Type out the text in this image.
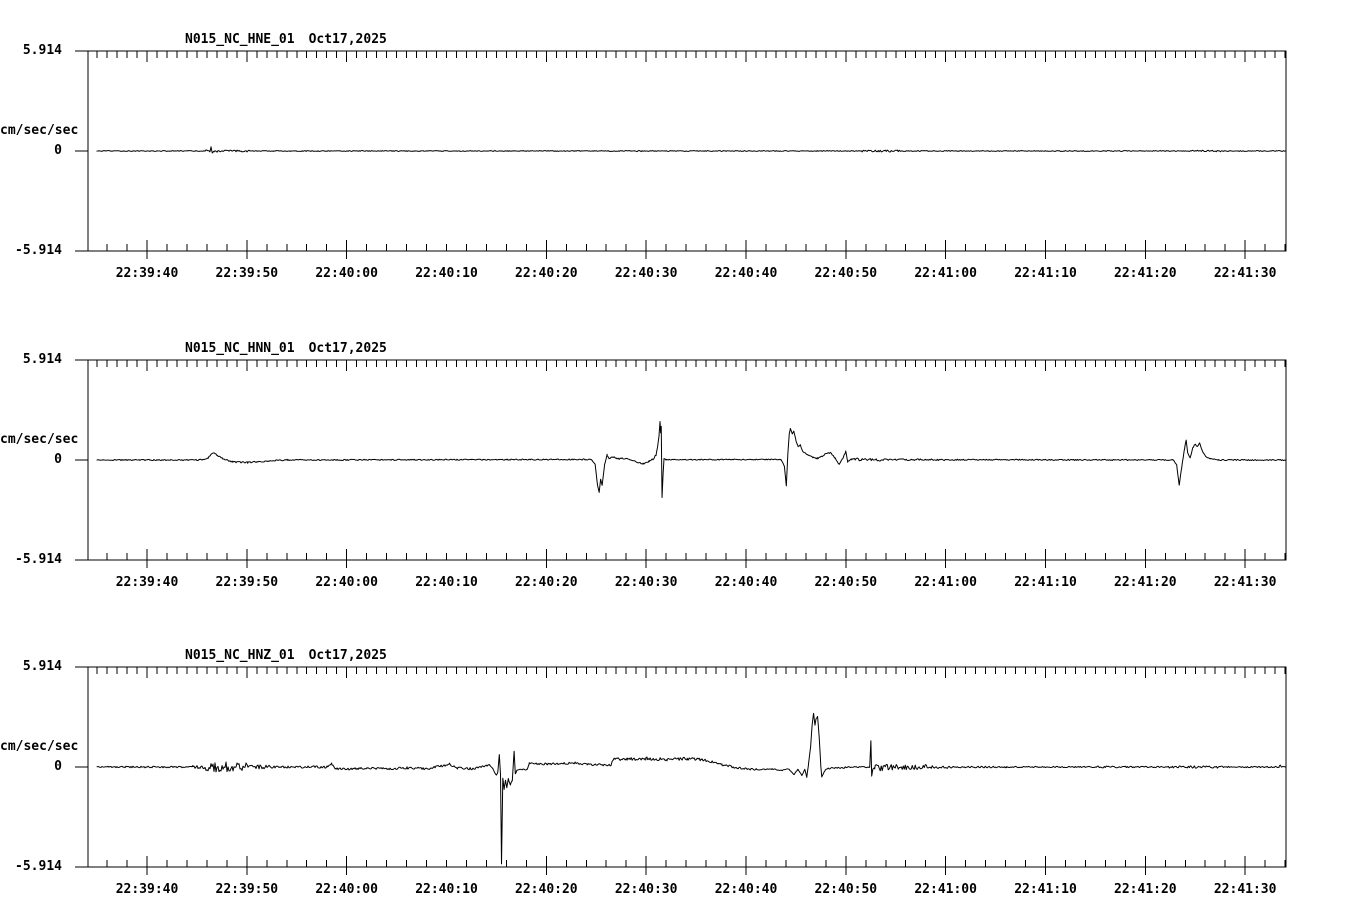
N015_NC_HNE_01 Oct17,2025
5.914
cm/sec/sec
0
-5.914
N015_NC_HNN_01 Oct17,2025
5.914
cm/sec/sec
0
-5.914
N015_NC_HNZ_01 Oct17,2025
5.914
cm/sec/sec
0
-5.914
22:39:40	22:39:50	22:40:00	22:40:10	22:40:20	22:40:30	22:40:40	22:40:50	22:41:00	22:41:10	22:41:20	22:41:30
22:39:40	22:39:50	22:40:00	22:40:10	22:40:20	22:40:30	22:40:40	22:40:50	22:41:00	22:41:10	22:41:20	22:41:30
22:39:40	22:39:50	22:40:00	22:40:10	22:40:20	22:40:30	22:40:40	22:40:50	22:41:00	22:41:10	22:41:20	22:41:30
